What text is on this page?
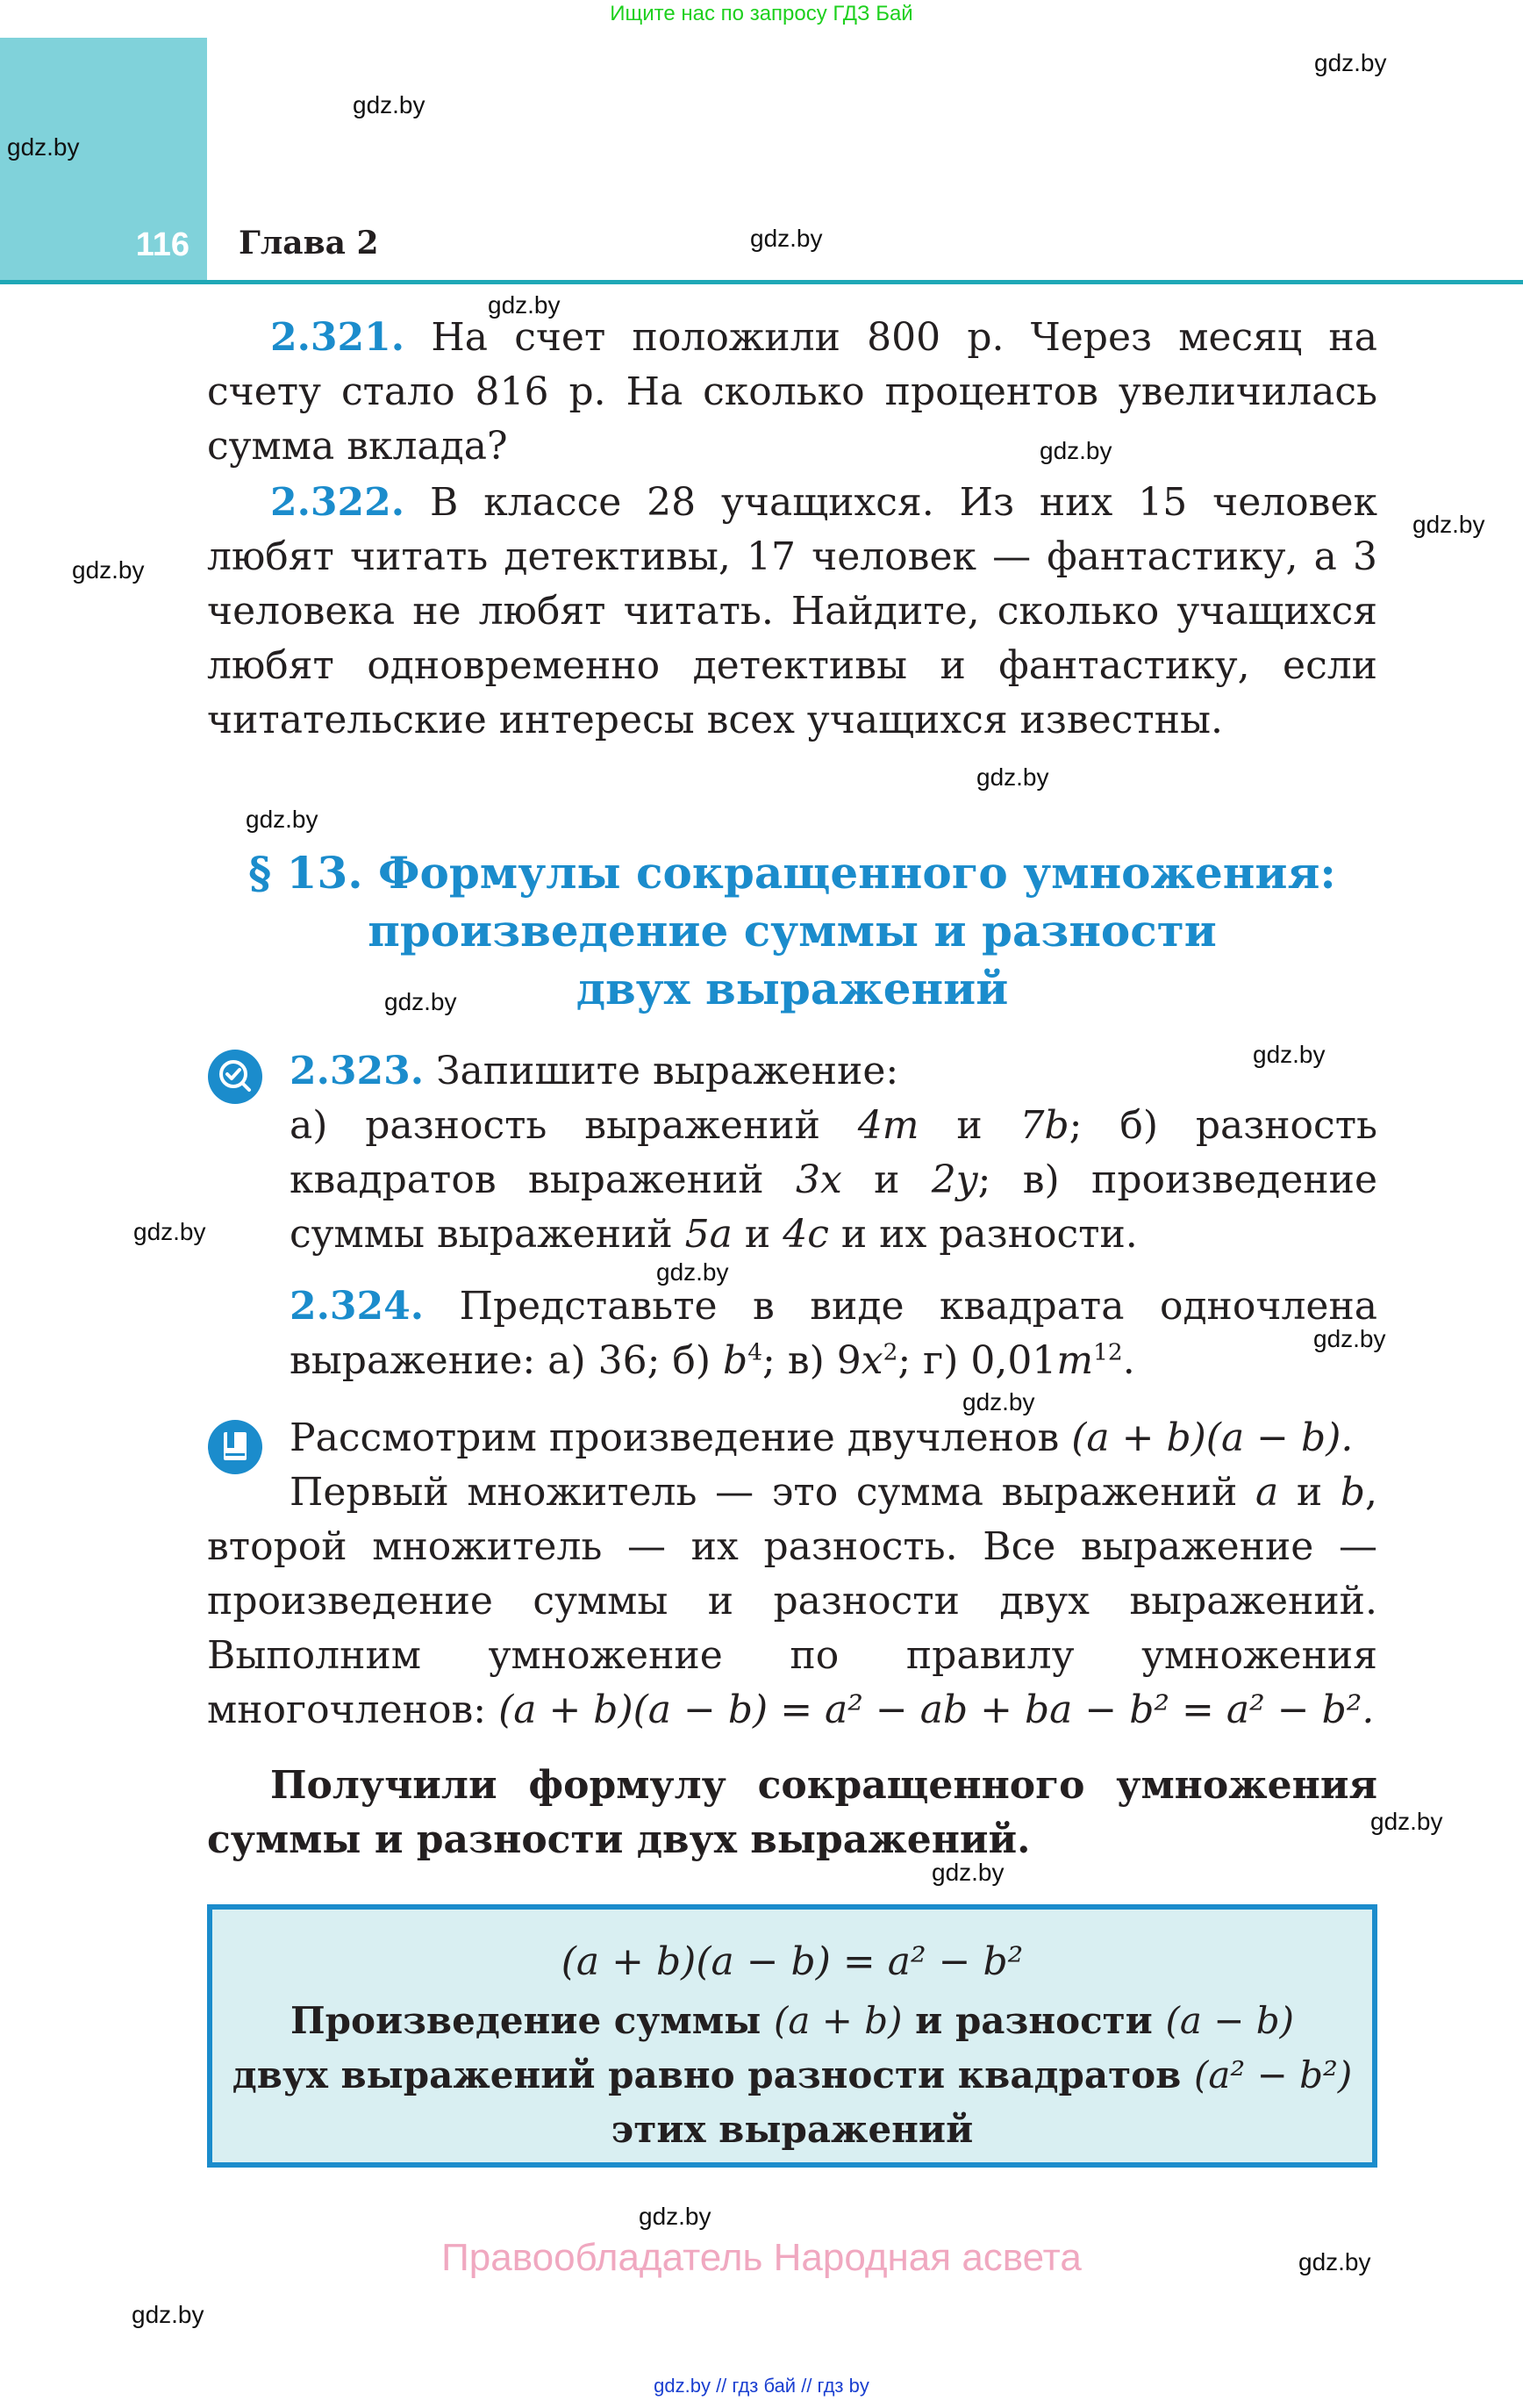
Ищите нас по запросу ГДЗ Бай
116 Глава 2
gdz.by
gdz.by
gdz.by
gdz.by
gdz.by
gdz.by
gdz.by
gdz.by
gdz.by
gdz.by
gdz.by
gdz.by
gdz.by
gdz.by
gdz.by
gdz.by
gdz.by
gdz.by
gdz.by
gdz.by
gdz.by
2.321. На счет положили 800 р. Через месяц на счету стало 816 р. На сколько процентов увеличилась сумма вклада?
2.322. В классе 28 учащихся. Из них 15 человек любят читать детективы, 17 человек — фантастику, а 3 человека не любят читать. Найдите, сколько учащихся любят одновременно детективы и фантастику, если читательские интересы всех учащихся известны.
§ 13. Формулы сокращенного умножения:
произведение суммы и разности
двух выражений
2.323. Запишите выражение:
а) разность выражений 4m и 7b; б) разность квадратов выражений 3x и 2y; в) произведение суммы выражений 5a и 4c и их разности.
2.324. Представьте в виде квадрата одночлена выражение: а) 36; б) $b^4$; в) $9x^2$; г) $0,01m^{12}$.
Рассмотрим произведение двучленов (a + b)(a − b).
Первый множитель — это сумма выражений a и b, второй множитель — их разность. Все выражение — произведение суммы и разности двух выражений. Выполним умножение по правилу умножения многочленов: (a + b)(a − b) = a² − ab + ba − b² = a² − b².
Получили формулу сокращенного умножения суммы и разности двух выражений.
(a + b)(a − b) = a² − b²
Произведение суммы (a + b) и разности (a − b)
двух выражений равно разности квадратов (a² − b²) этих выражений
Правообладатель Народная асвета
gdz.by // гдз бай // гдз by
